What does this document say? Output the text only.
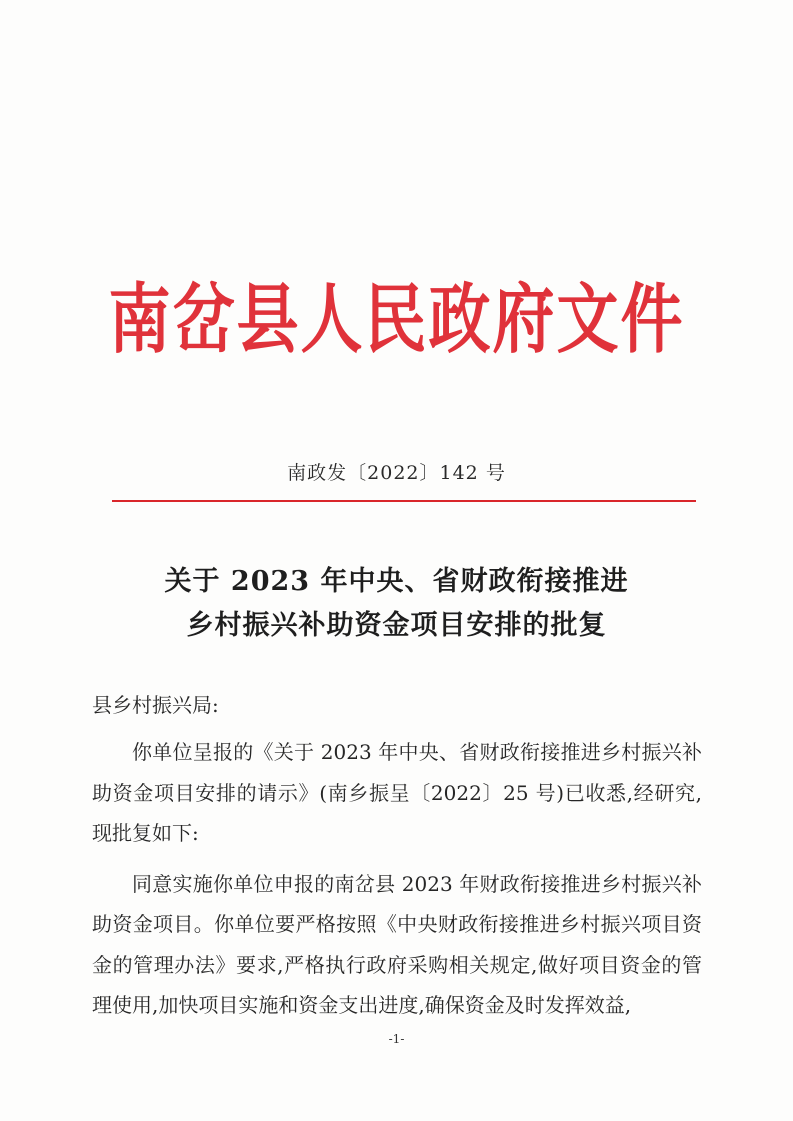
南岔县人民政府文件
南政发〔2022〕142 号
关于 2023 年中央、省财政衔接推进
乡村振兴补助资金项目安排的批复
县乡村振兴局:

你单位呈报的《关于 2023 年中央、省财政衔接推进乡村振兴补助资金项目安排的请示》(南乡振呈〔2022〕25 号)已收悉,经研究,现批复如下:

同意实施你单位申报的南岔县 2023 年财政衔接推进乡村振兴补助资金项目。你单位要严格按照《中央财政衔接推进乡村振兴项目资金的管理办法》要求,严格执行政府采购相关规定,做好项目资金的管理使用,加快项目实施和资金支出进度,确保资金及时发挥效益,

-1-
